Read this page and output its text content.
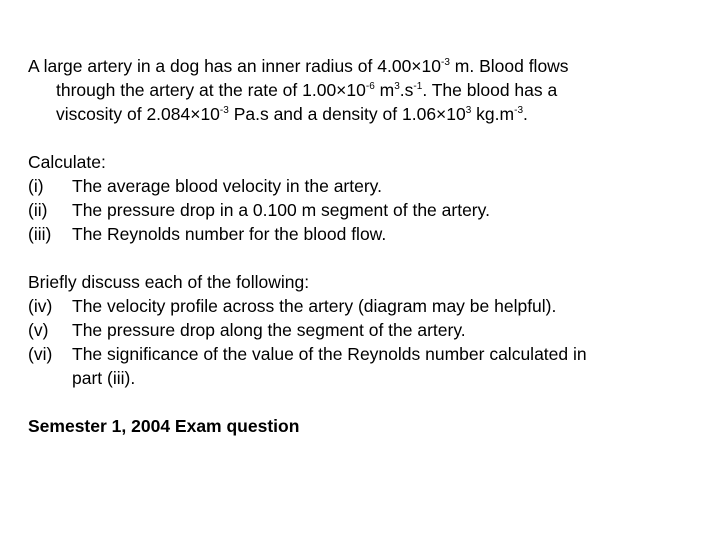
A large artery in a dog has an inner radius of $4.00\times 10^{-3}$ m. Blood flows
through the artery at the rate of $1.00\times 10^{-6}$ $m^3.s^{-1}$. The blood has a
viscosity of $2.084\times 10^{-3}$ Pa.s and a density of $1.06\times 10^3$ $kg.m^{-3}$.
Calculate:
(i) The average blood velocity in the artery.
(ii) The pressure drop in a 0.100 m segment of the artery.
(iii) The Reynolds number for the blood flow.
Briefly discuss each of the following:
(iv) The velocity profile across the artery (diagram may be helpful).
(v) The pressure drop along the segment of the artery.
(vi) The significance of the value of the Reynolds number calculated in
part (iii).
Semester 1, 2004 Exam question
